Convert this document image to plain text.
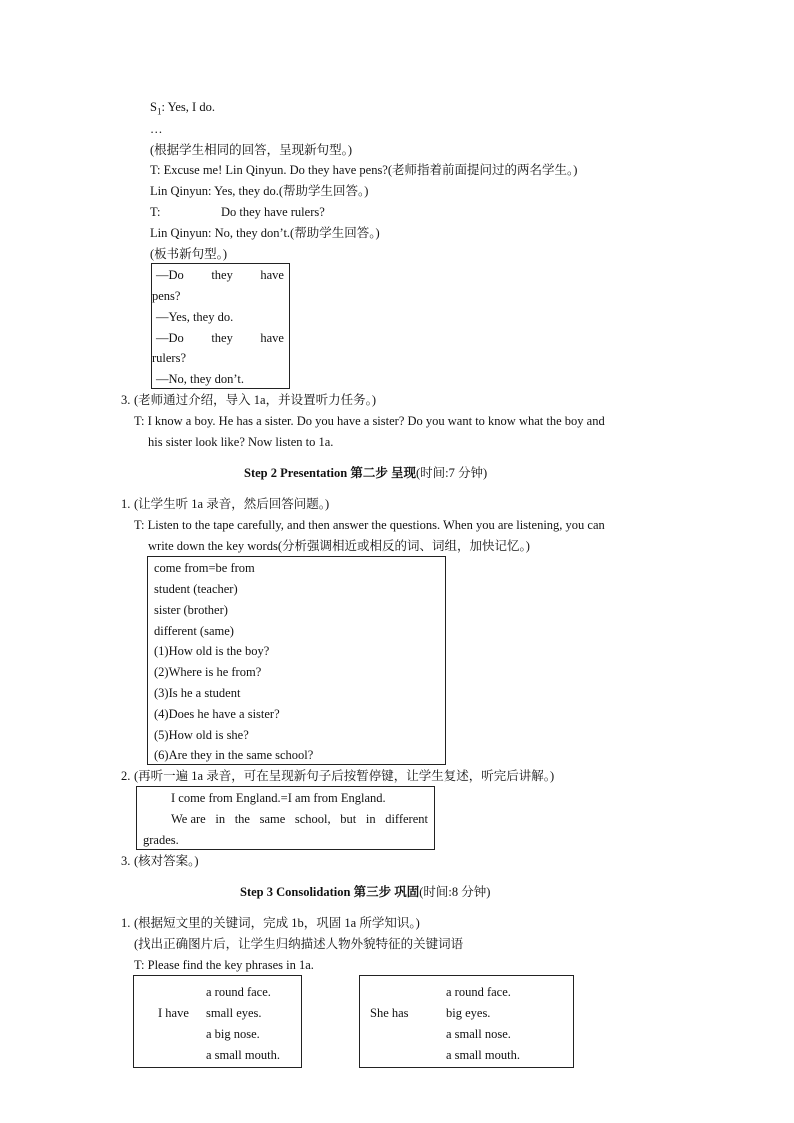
$S_1$: Yes, I do.
…
(根据学生相同的回答，呈现新句型。)
T: Excuse me! Lin Qinyun. Do they have pens?(老师指着前面提问过的两名学生。)
Lin Qinyun: Yes, they do.(帮助学生回答。)
T:	Do they have rulers?
Lin Qinyun: No, they don’t.(帮助学生回答。)
(板书新句型。)
—Do they have
pens?
—Yes, they do.
—Do they have
rulers?
—No, they don’t.
3. (老师通过介绍，导入 1a，并设置听力任务。)
T: I know a boy. He has a sister. Do you have a sister? Do you want to know what the boy and
his sister look like? Now listen to 1a.
Step 2 Presentation 第二步 呈现(时间:7 分钟)
1. (让学生听 1a 录音，然后回答问题。)
T: Listen to the tape carefully, and then answer the questions. When you are listening, you can
write down the key words(分析强调相近或相反的词、词组，加快记忆。)
come from=be from
student (teacher)
sister (brother)
different (same)
(1)How old is the boy?
(2)Where is he from?
(3)Is he a student
(4)Does he have a sister?
(5)How old is she?
(6)Are they in the same school?
2. (再听一遍 1a 录音，可在呈现新句子后按暂停键，让学生复述，听完后讲解。)
I come from England.=I am from England.
We are in the same school, but in different
grades.
3. (核对答案。)
Step 3 Consolidation 第三步 巩固(时间:8 分钟)
1. (根据短文里的关键词，完成 1b，巩固 1a 所学知识。)
(找出正确图片后，让学生归纳描述人物外貌特征的关键词语
T: Please find the key phrases in 1a.
I have
a round face.
small eyes.
a big nose.
a small mouth.
She has
a round face.
big eyes.
a small nose.
a small mouth.
